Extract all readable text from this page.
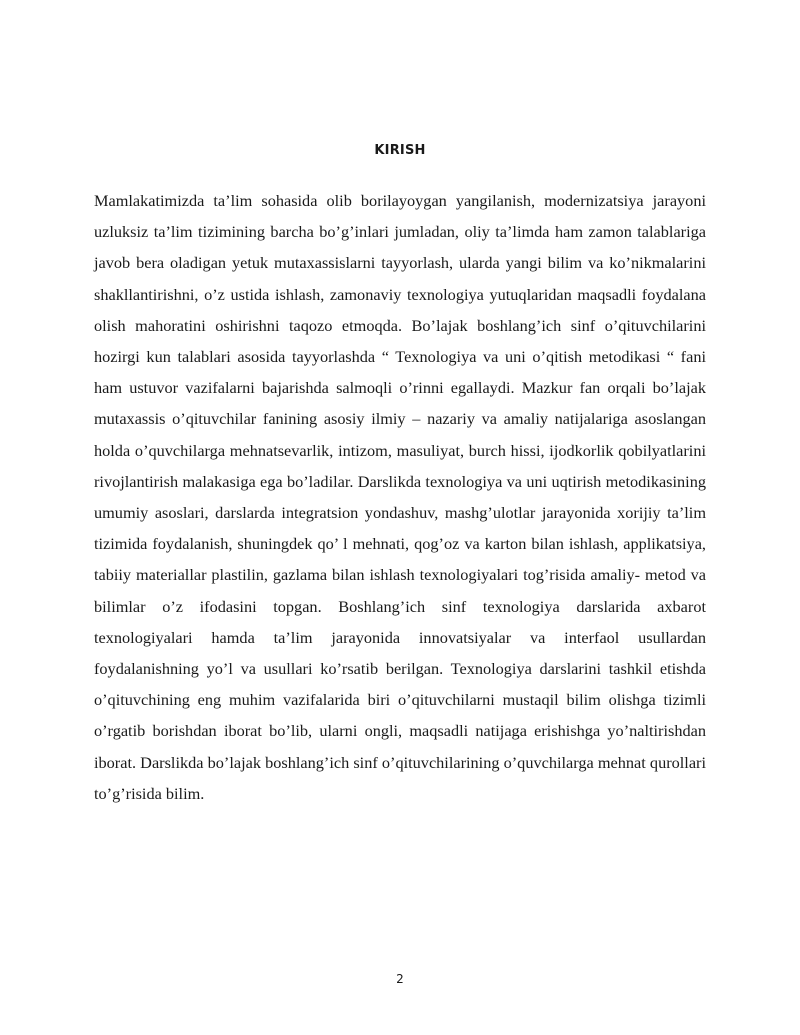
KIRISH

Mamlakatimizda ta’lim sohasida olib borilayoygan yangilanish, modernizatsiya jarayoni uzluksiz ta’lim tizimining barcha bo’g’inlari jumladan, oliy ta’limda ham zamon talablariga javob bera oladigan yetuk mutaxassislarni tayyorlash, ularda yangi bilim va ko’nikmalarini shakllantirishni, o’z ustida ishlash, zamonaviy texnologiya yutuqlaridan maqsadli foydalana olish mahoratini oshirishni taqozo etmoqda. Bo’lajak boshlang’ich sinf o’qituvchilarini hozirgi kun talablari asosida tayyorlashda “ Texnologiya va uni o’qitish metodikasi “ fani ham ustuvor vazifalarni bajarishda salmoqli o’rinni egallaydi. Mazkur fan orqali bo’lajak mutaxassis o’qituvchilar fanining asosiy ilmiy – nazariy va amaliy natijalariga asoslangan holda o’quvchilarga mehnatsevarlik, intizom, masuliyat, burch hissi, ijodkorlik qobilyatlarini rivojlantirish malakasiga ega bo’ladilar. Darslikda texnologiya va uni uqtirish metodikasining umumiy asoslari, darslarda integratsion yondashuv, mashg’ulotlar jarayonida xorijiy ta’lim tizimida foydalanish, shuningdek qo’ l mehnati, qog’oz va karton bilan ishlash, applikatsiya, tabiiy materiallar plastilin, gazlama bilan ishlash texnologiyalari tog’risida amaliy- metod va bilimlar o’z ifodasini topgan. Boshlang’ich sinf texnologiya darslarida axbarot texnologiyalari hamda ta’lim jarayonida innovatsiyalar va interfaol usullardan foydalanishning yo’l va usullari ko’rsatib berilgan. Texnologiya darslarini tashkil etishda o’qituvchining eng muhim vazifalarida biri o’qituvchilarni mustaqil bilim olishga tizimli o’rgatib borishdan iborat bo’lib, ularni ongli, maqsadli natijaga erishishga yo’naltirishdan iborat. Darslikda bo’lajak boshlang’ich sinf o’qituvchilarining o’quvchilarga mehnat qurollari to’g’risida bilim.

2
